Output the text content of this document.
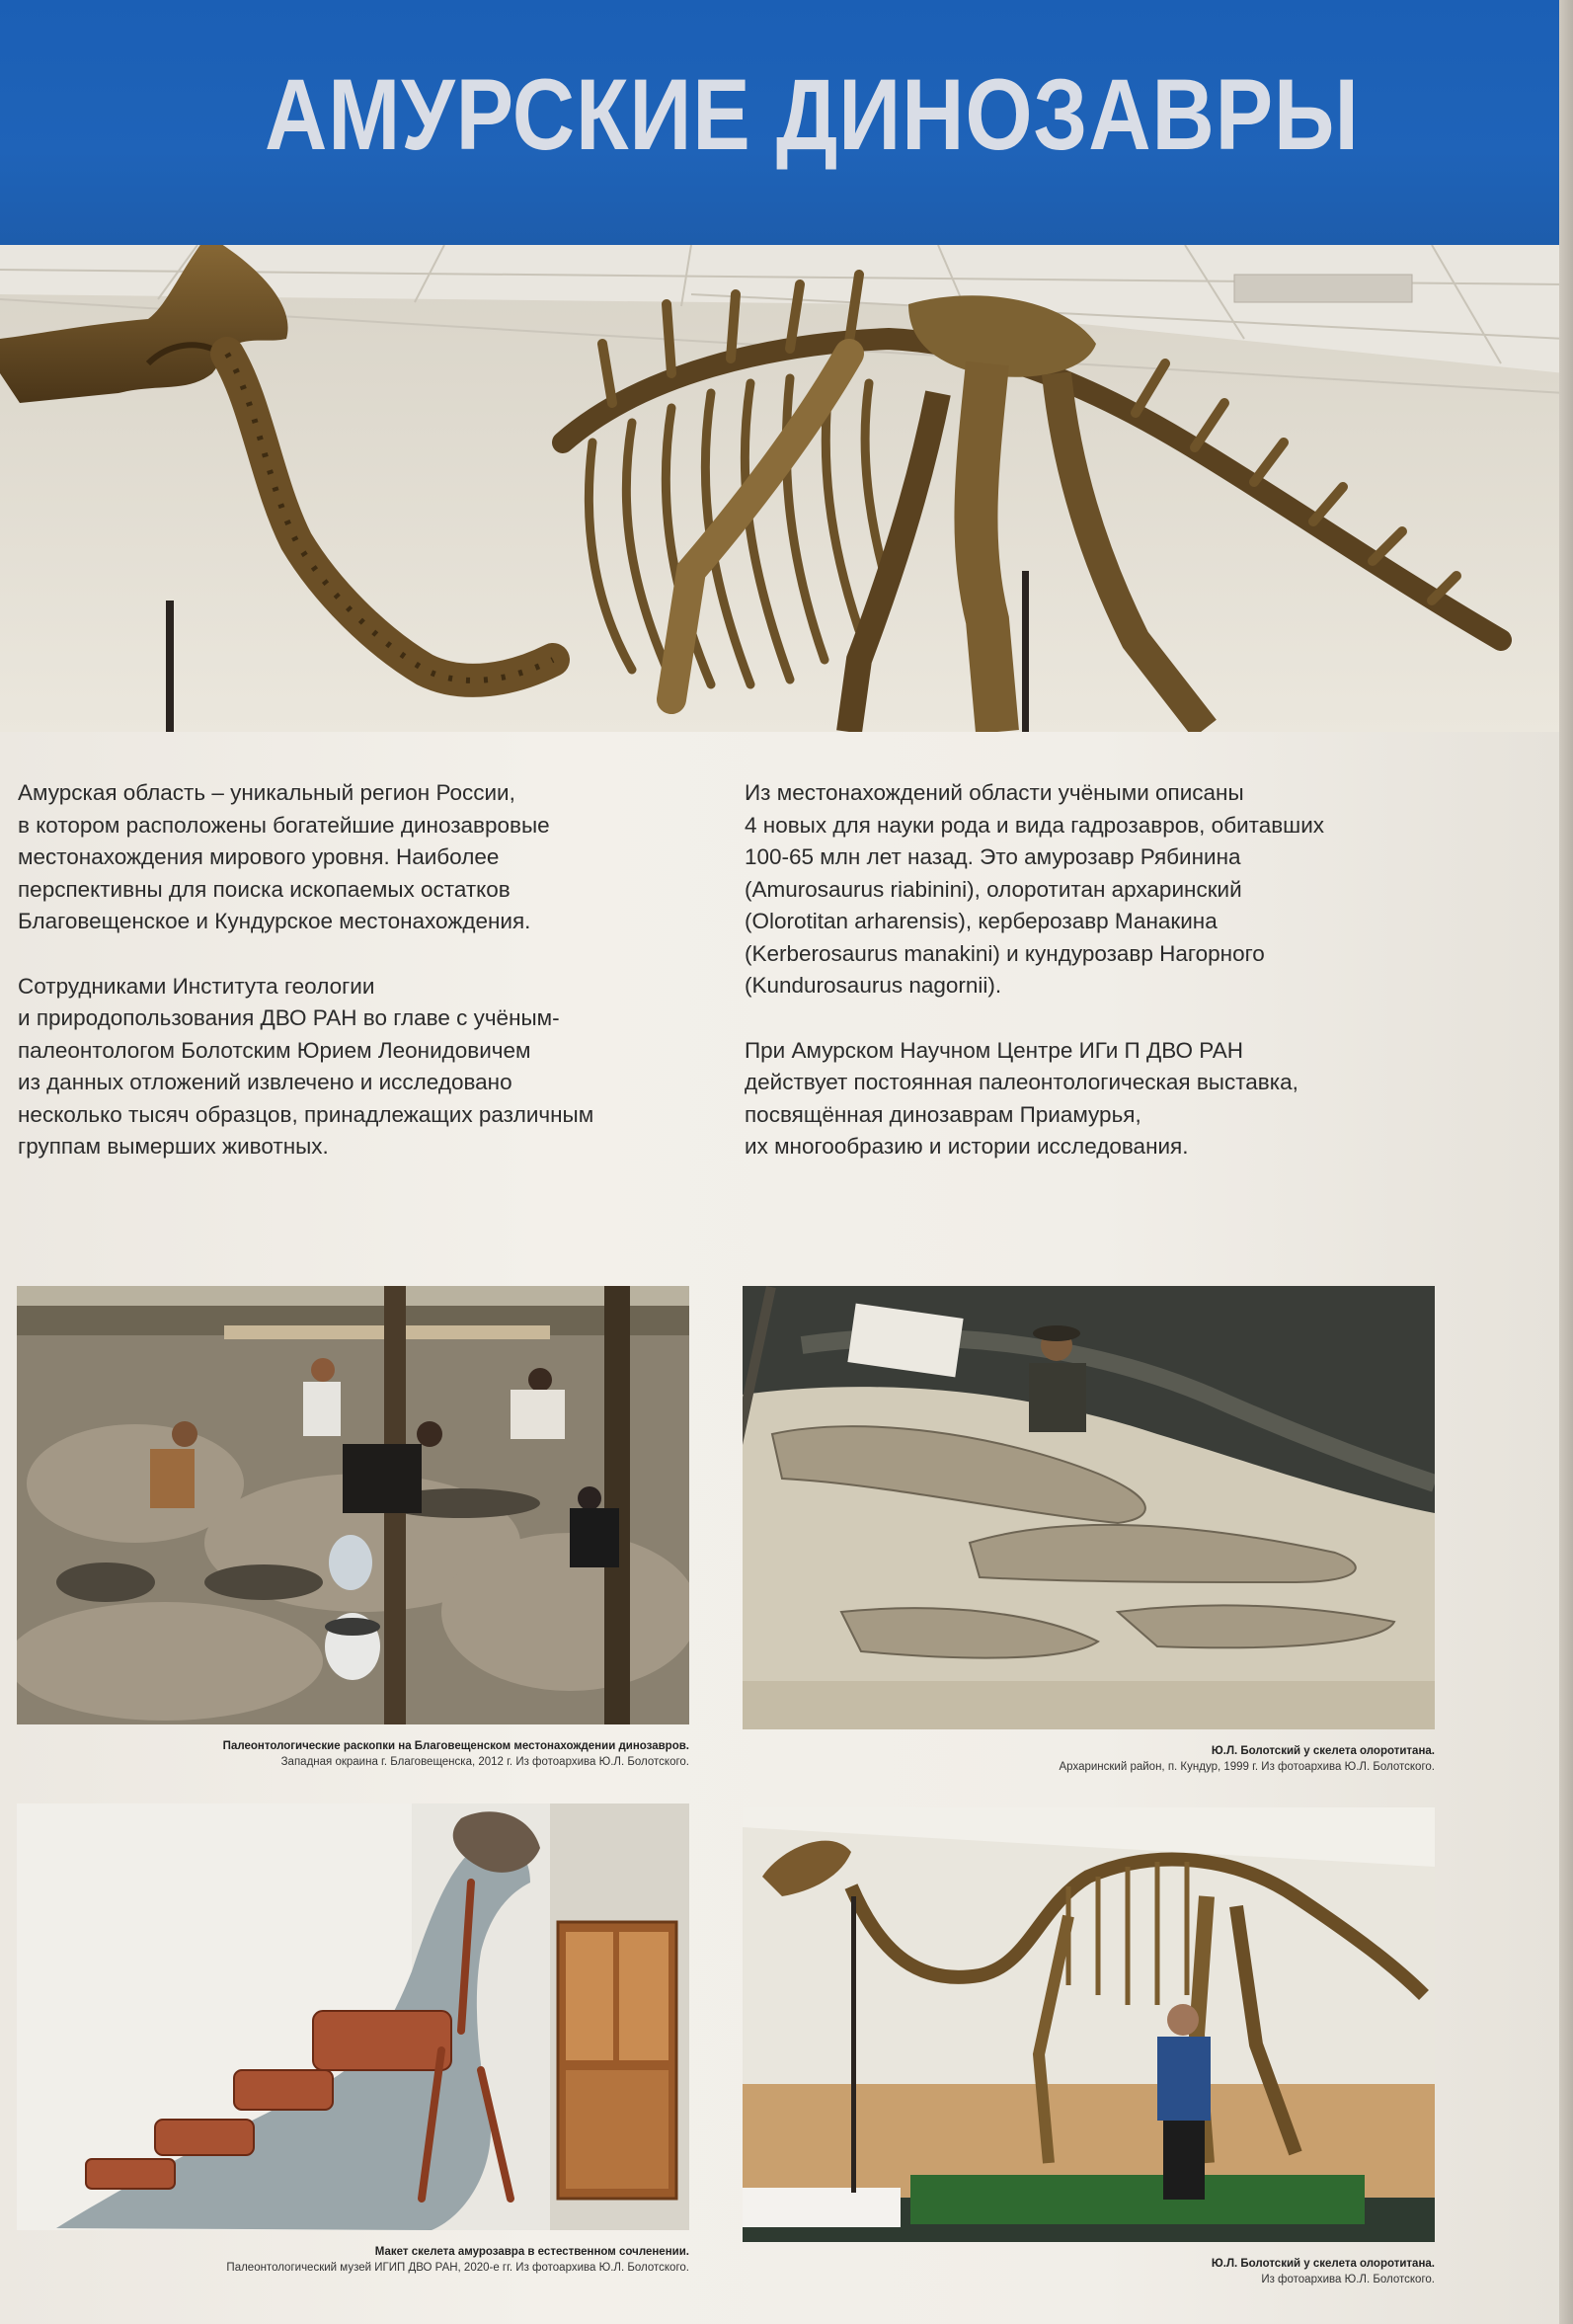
АМУРСКИЕ ДИНОЗАВРЫ

Амурская область – уникальный регион России,
в котором расположены богатейшие динозавровые
местонахождения мирового уровня. Наиболее
перспективны для поиска ископаемых остатков
Благовещенское и Кундурское местонахождения.

Сотрудниками Института геологии
и природопользования ДВО РАН во главе с учёным-
палеонтологом Болотским Юрием Леонидовичем
из данных отложений извлечено и исследовано
несколько тысяч образцов, принадлежащих различным
группам вымерших животных.

Из местонахождений области учёными описаны
4 новых для науки рода и вида гадрозавров, обитавших
100-65 млн лет назад. Это амурозавр Рябинина
(Amurosaurus riabinini), олоротитан архаринский
(Olorotitan arharensis), керберозавр Манакина
(Kerberosaurus manakini) и кундурозавр Нагорного
(Kundurosaurus nagornii).

При Амурском Научном Центре ИГи П ДВО РАН
действует постоянная палеонтологическая выставка,
посвящённая динозаврам Приамурья,
их многообразию и истории исследования.

Палеонтологические раскопки на Благовещенском местонахождении динозавров.
Западная окраина г. Благовещенска, 2012 г. Из фотоархива Ю.Л. Болотского.
Ю.Л. Болотский у скелета олоротитана.
Архаринский район, п. Кундур, 1999 г. Из фотоархива Ю.Л. Болотского.
Макет скелета амурозавра в естественном сочленении.
Палеонтологический музей ИГИП ДВО РАН, 2020-е гг. Из фотоархива Ю.Л. Болотского.	Ю.Л. Болотский у скелета олоротитана.
Из фотоархива Ю.Л. Болотского.
